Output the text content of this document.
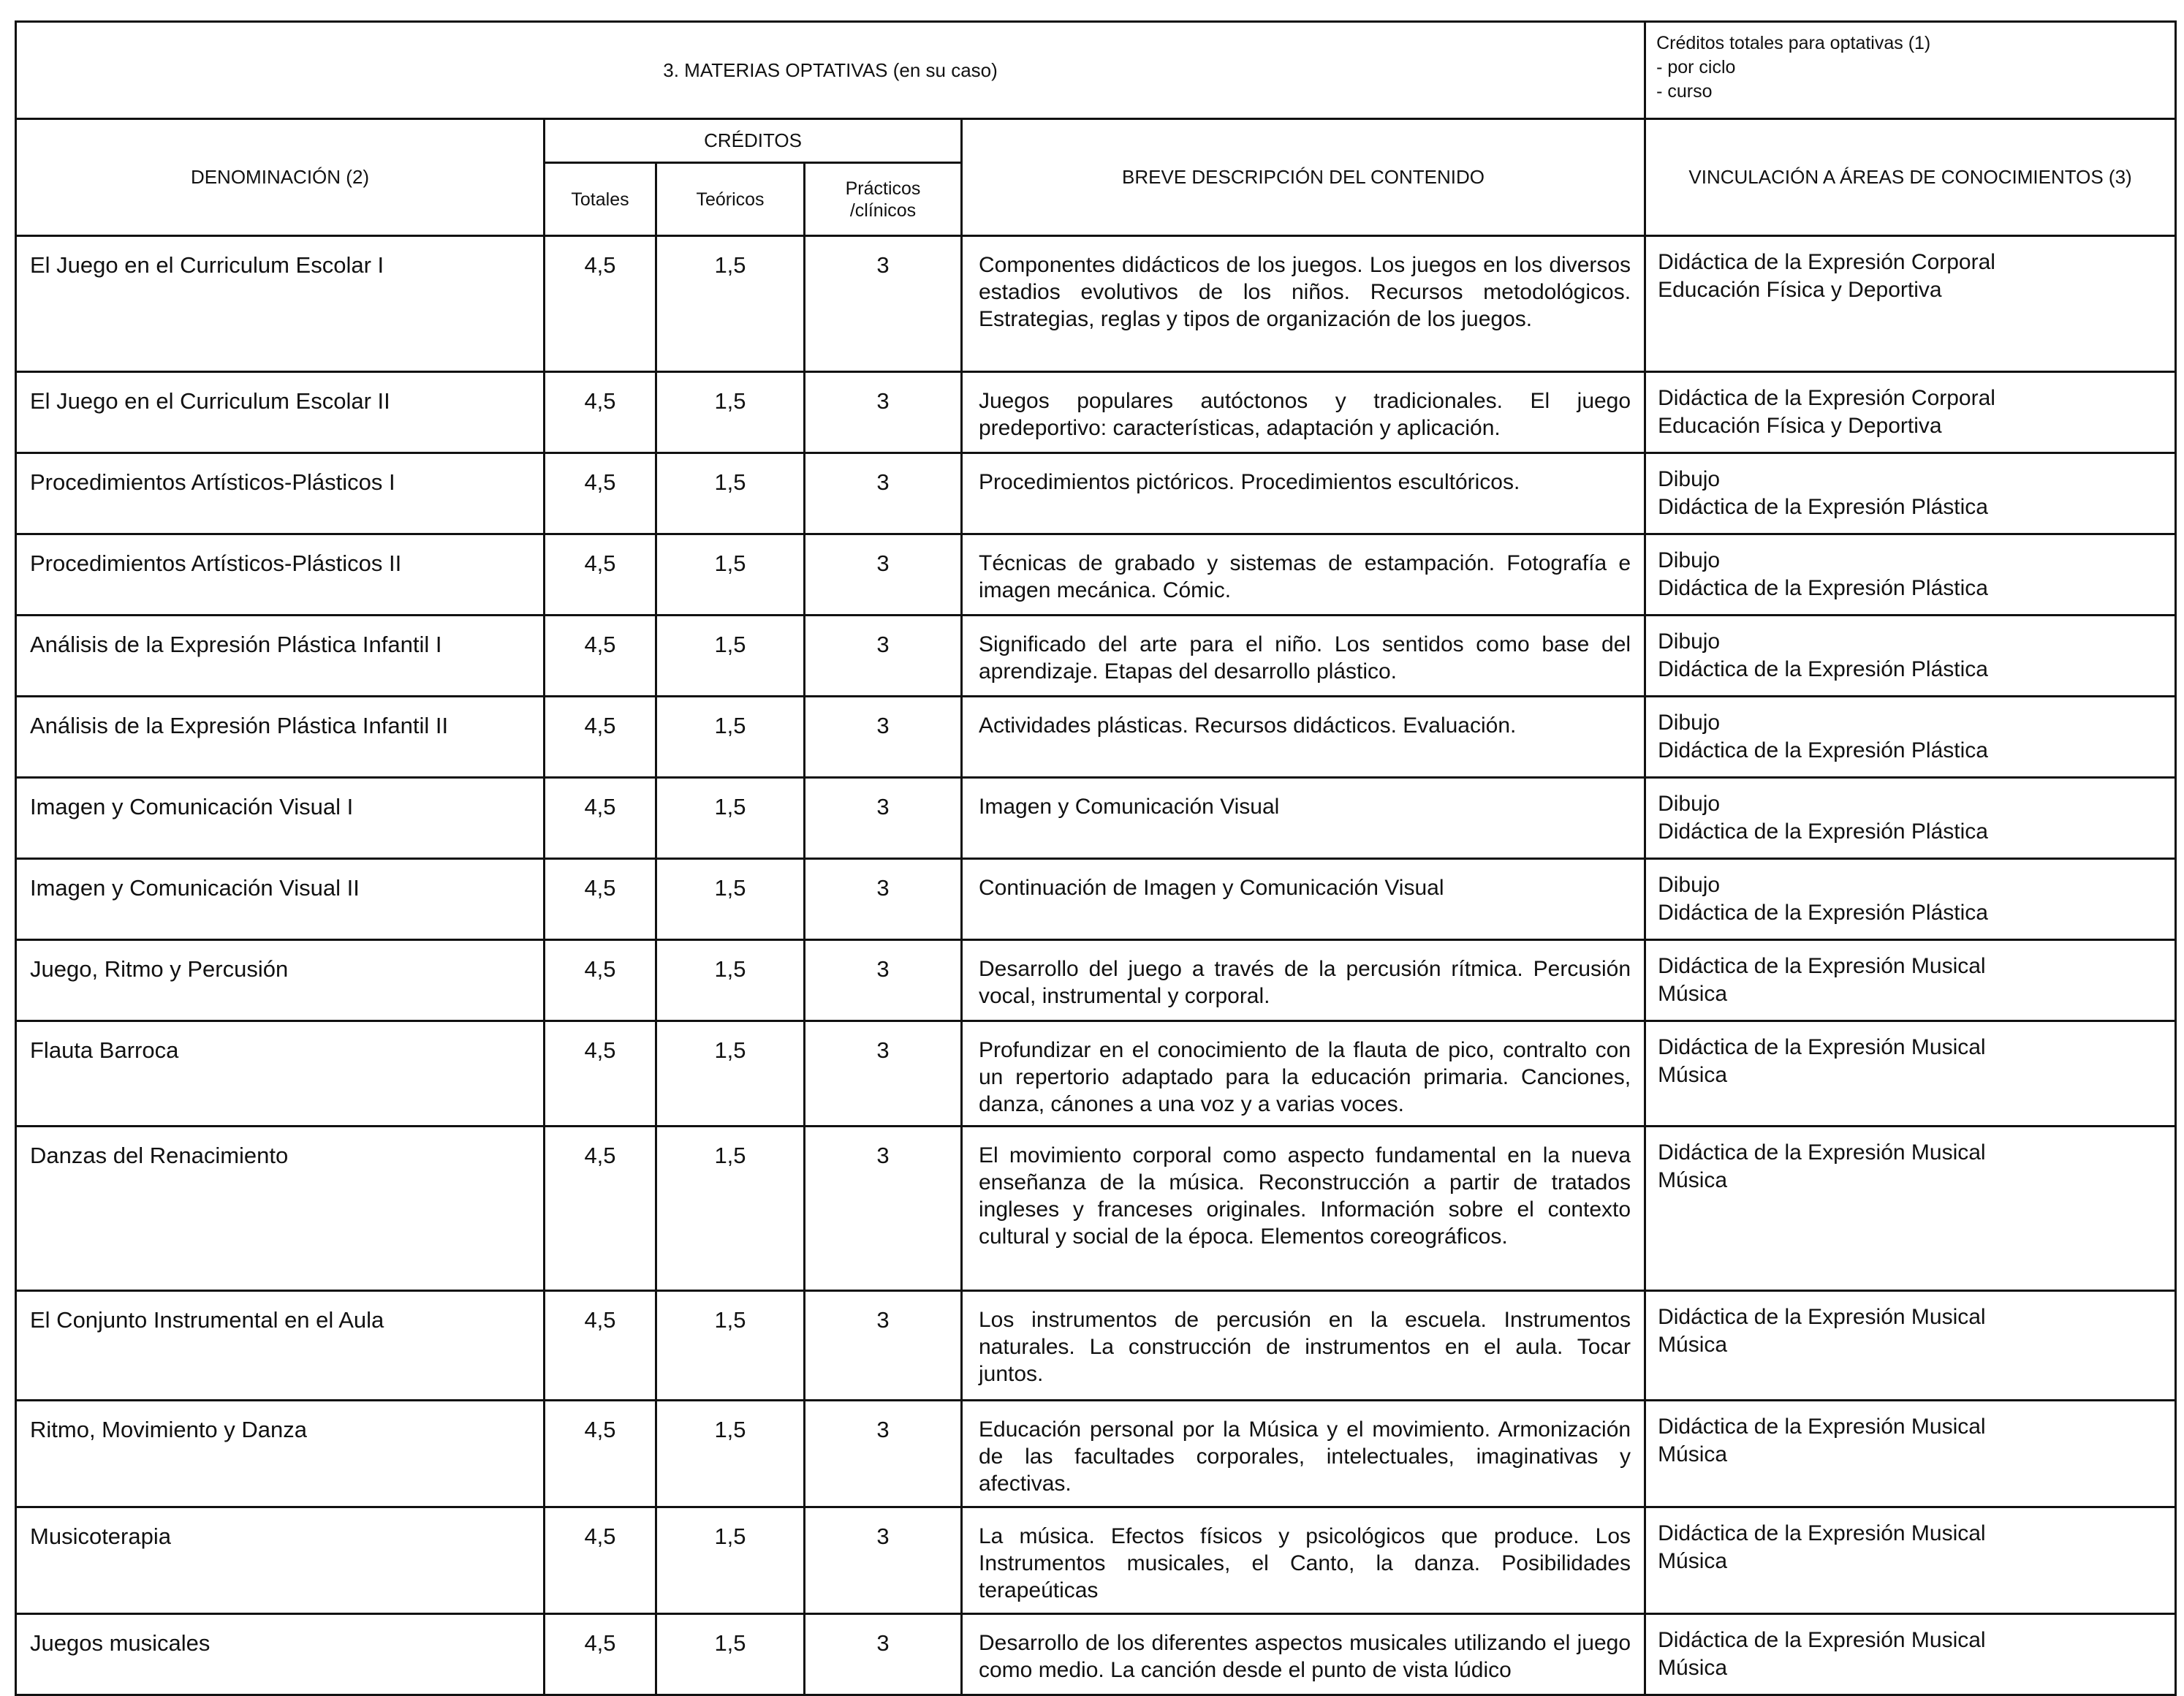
3. MATERIAS OPTATIVAS (en su caso)					Créditos totales para optativas (1)
- por ciclo
- curso

DENOMINACIÓN (2)	CRÉDITOS			BREVE DESCRIPCIÓN DEL CONTENIDO	VINCULACIÓN A ÁREAS DE CONOCIMIENTOS (3)
	Totales	Teóricos	Prácticos /clínicos		
El Juego en el Curriculum Escolar I	4,5	1,5	3	Componentes didácticos de los juegos. Los juegos en los diversos estadios evolutivos de los niños. Recursos metodológicos. Estrategias, reglas y tipos de organización de los juegos.	Didáctica de la Expresión Corporal
Educación Física y Deportiva

El Juego en el Curriculum Escolar II	4,5	1,5	3	Juegos populares autóctonos y tradicionales. El juego predeportivo: características, adaptación y aplicación.	Didáctica de la Expresión Corporal
Educación Física y Deportiva

Procedimientos Artísticos-Plásticos I	4,5	1,5	3	Procedimientos pictóricos. Procedimientos escultóricos.	Dibujo
Didáctica de la Expresión Plástica

Procedimientos Artísticos-Plásticos II	4,5	1,5	3	Técnicas de grabado y sistemas de estampación. Fotografía e imagen mecánica. Cómic.	Dibujo
Didáctica de la Expresión Plástica

Análisis de la Expresión Plástica Infantil I	4,5	1,5	3	Significado del arte para el niño. Los sentidos como base del aprendizaje. Etapas del desarrollo plástico.	Dibujo
Didáctica de la Expresión Plástica

Análisis de la Expresión Plástica Infantil II	4,5	1,5	3	Actividades plásticas. Recursos didácticos. Evaluación.	Dibujo
Didáctica de la Expresión Plástica

Imagen y Comunicación Visual I	4,5	1,5	3	Imagen y Comunicación Visual	Dibujo
Didáctica de la Expresión Plástica

Imagen y Comunicación Visual II	4,5	1,5	3	Continuación de Imagen y Comunicación Visual	Dibujo
Didáctica de la Expresión Plástica

Juego, Ritmo y Percusión	4,5	1,5	3	Desarrollo del juego a través de la percusión rítmica. Percusión vocal, instrumental y corporal.	Didáctica de la Expresión Musical
Música

Flauta Barroca	4,5	1,5	3	Profundizar en el conocimiento de la flauta de pico, contralto con un repertorio adaptado para la educación primaria. Canciones, danza, cánones a una voz y a varias voces.	Didáctica de la Expresión Musical
Música

Danzas del Renacimiento	4,5	1,5	3	El movimiento corporal como aspecto fundamental en la nueva enseñanza de la música. Reconstrucción a partir de tratados ingleses y franceses originales. Información sobre el contexto cultural y social de la época. Elementos coreográficos.	Didáctica de la Expresión Musical
Música

El Conjunto Instrumental en el Aula	4,5	1,5	3	Los instrumentos de percusión en la escuela. Instrumentos naturales. La construcción de instrumentos en el aula. Tocar juntos.	Didáctica de la Expresión Musical
Música

Ritmo, Movimiento y Danza	4,5	1,5	3	Educación personal por la Música y el movimiento. Armonización de las facultades corporales, intelectuales, imaginativas y afectivas.	Didáctica de la Expresión Musical
Música

Musicoterapia	4,5	1,5	3	La música. Efectos físicos y psicológicos que produce. Los Instrumentos musicales, el Canto, la danza. Posibilidades terapeúticas	Didáctica de la Expresión Musical
Música

Juegos musicales	4,5	1,5	3	Desarrollo de los diferentes aspectos musicales utilizando el juego como medio. La canción desde el punto de vista lúdico	Didáctica de la Expresión Musical
Música
